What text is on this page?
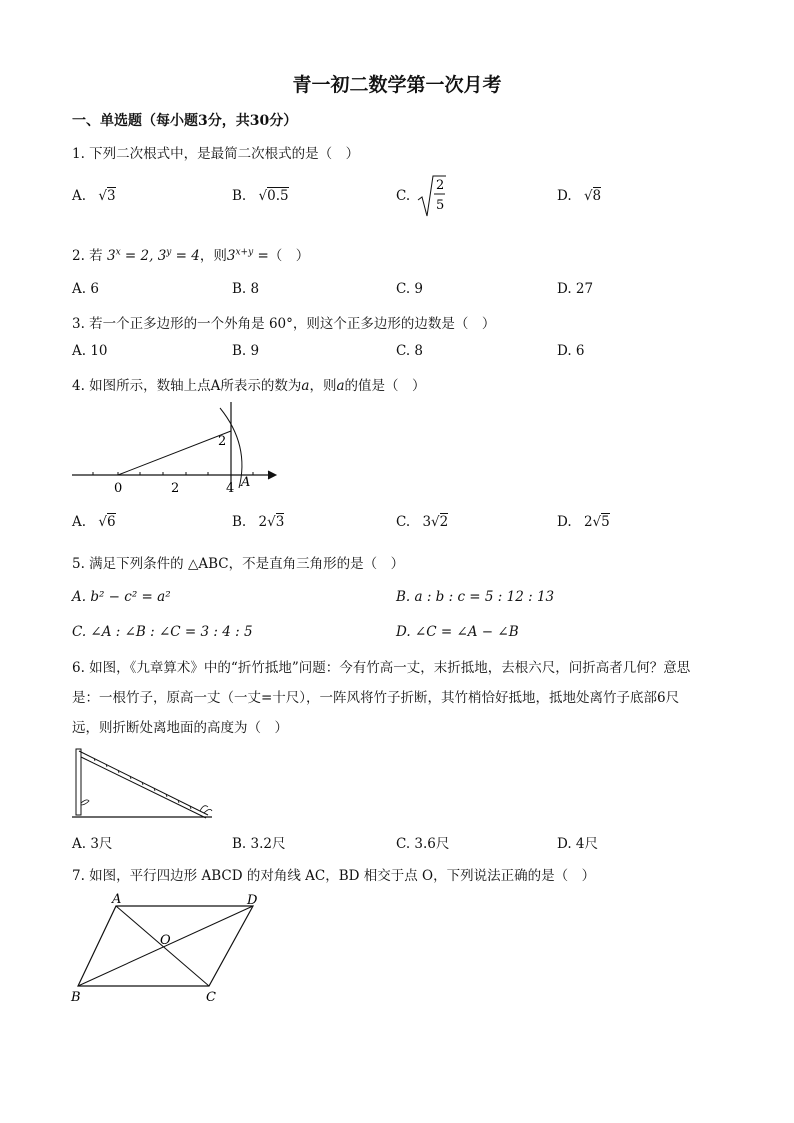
青一初二数学第一次月考
一、单选题（每小题3分，共30分）
1. 下列二次根式中，是最简二次根式的是（　）
A. √3	B. √0.5	C.
2
5
D. √8
2. 若 $3^x = 2$, $3^y = 4$，则$3^{x+y}$ =（　）
A. 6	B. 8	C. 9	D. 27
3. 若一个正多边形的一个外角是 60°，则这个正多边形的边数是（　）
A. 10	B. 9	C. 8	D. 6
4. 如图所示，数轴上点A所表示的数为a，则a的值是（　）
0	2	4
2
A
A. √6	B. 2√3	C. 3√2	D. 2√5
5. 满足下列条件的 △ABC，不是直角三角形的是（　）
A. b² − c² = a²	B. a : b : c = 5 : 12 : 13
C. ∠A : ∠B : ∠C = 3 : 4 : 5	D. ∠C = ∠A − ∠B
6. 如图，《九章算术》中的“折竹抵地”问题：今有竹高一丈，末折抵地，去根六尺，问折高者几何？意思
是：一根竹子，原高一丈（一丈=十尺），一阵风将竹子折断，其竹梢恰好抵地，抵地处离竹子底部6尺
远，则折断处离地面的高度为（　）
A. 3尺	B. 3.2尺	C. 3.6尺	D. 4尺
7. 如图，平行四边形 ABCD 的对角线 AC，BD 相交于点 O，下列说法正确的是（　）
A	D
O
B	C
